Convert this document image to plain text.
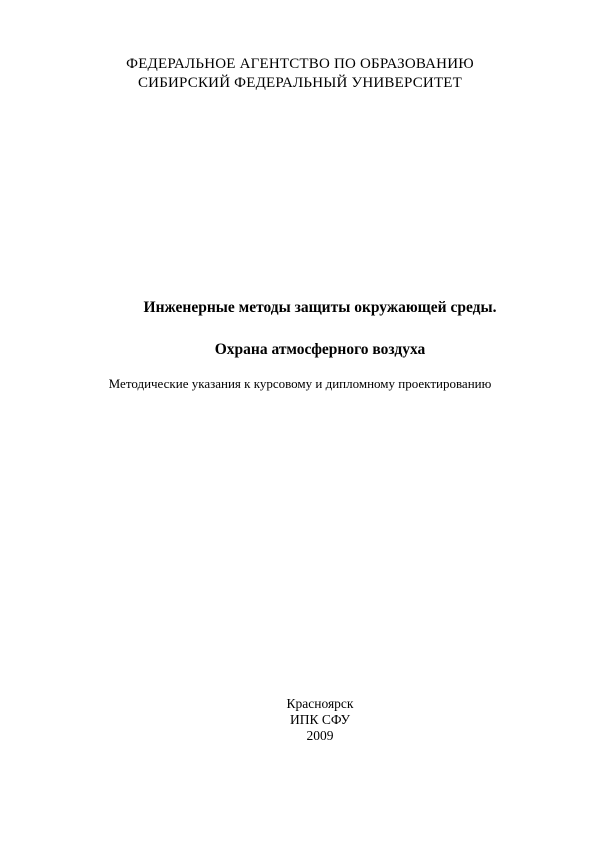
ФЕДЕРАЛЬНОЕ АГЕНТСТВО ПО ОБРАЗОВАНИЮ
СИБИРСКИЙ ФЕДЕРАЛЬНЫЙ УНИВЕРСИТЕТ
Инженерные методы защиты окружающей среды.
Охрана атмосферного воздуха
Методические указания к курсовому и дипломному проектированию
Красноярск
ИПК СФУ
2009
